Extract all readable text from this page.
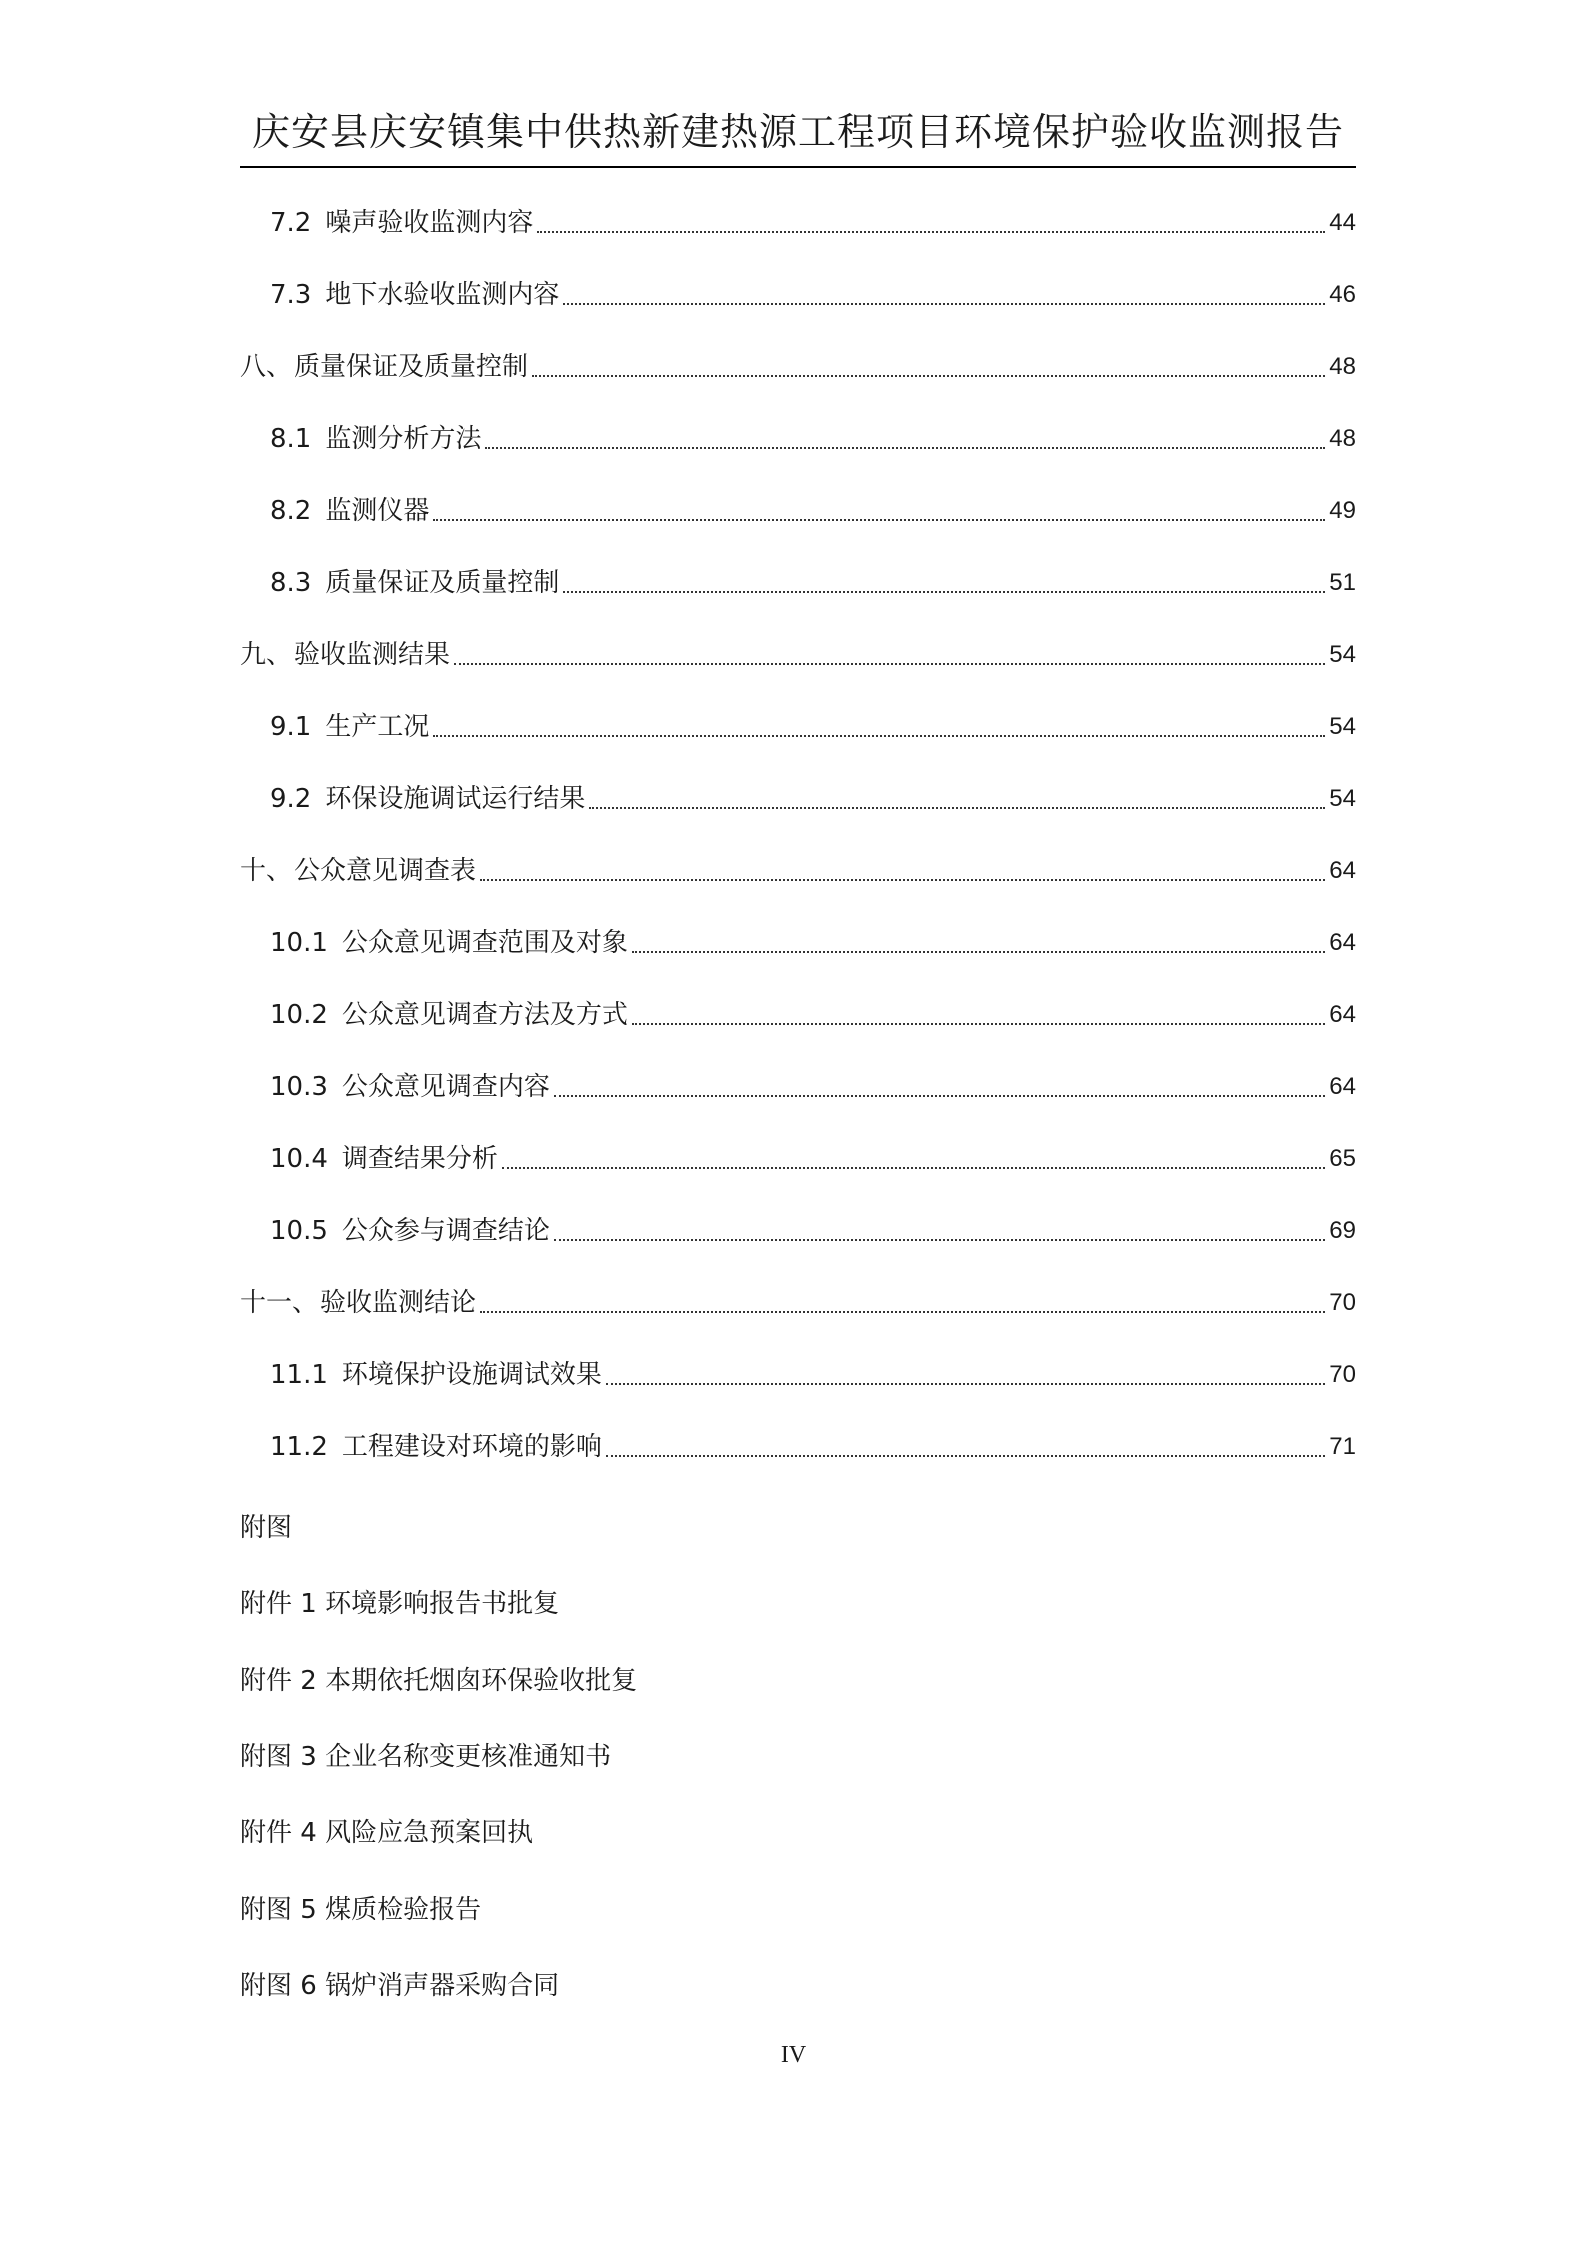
庆安县庆安镇集中供热新建热源工程项目环境保护验收监测报告
7.2 噪声验收监测内容	44
7.3 地下水验收监测内容	46
八、 质量保证及质量控制	48
8.1 监测分析方法	48
8.2 监测仪器	49
8.3 质量保证及质量控制	51
九、 验收监测结果	54
9.1 生产工况	54
9.2 环保设施调试运行结果	54
十、 公众意见调查表	64
10.1 公众意见调查范围及对象	64
10.2 公众意见调查方法及方式	64
10.3 公众意见调查内容	64
10.4 调查结果分析	65
10.5 公众参与调查结论	69
十一、 验收监测结论	70
11.1 环境保护设施调试效果	70
11.2 工程建设对环境的影响	71
附图
附件 1 环境影响报告书批复
附件 2 本期依托烟囱环保验收批复
附图 3 企业名称变更核准通知书
附件 4 风险应急预案回执
附图 5 煤质检验报告
附图 6 锅炉消声器采购合同
IV
